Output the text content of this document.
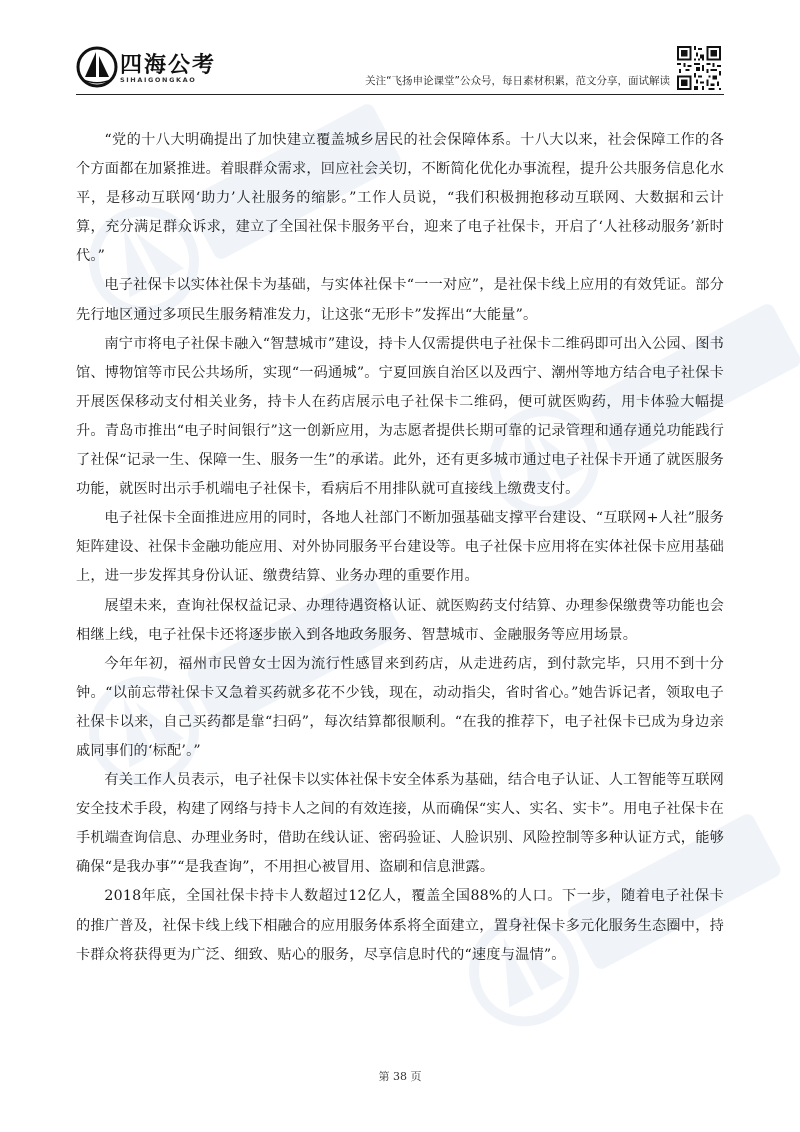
四海公考
SIHAIGONGKAO	关注“飞扬申论课堂”公众号，每日素材积累，范文分享，面试解读

“党的十八大明确提出了加快建立覆盖城乡居民的社会保障体系。十八大以来，社会保障工作的各个方面都在加紧推进。着眼群众需求，回应社会关切，不断简化优化办事流程，提升公共服务信息化水平，是移动互联网‘助力’人社服务的缩影。”工作人员说，“我们积极拥抱移动互联网、大数据和云计算，充分满足群众诉求，建立了全国社保卡服务平台，迎来了电子社保卡，开启了‘人社移动服务’新时代。”

电子社保卡以实体社保卡为基础，与实体社保卡“一一对应”，是社保卡线上应用的有效凭证。部分先行地区通过多项民生服务精准发力，让这张“无形卡”发挥出“大能量”。

南宁市将电子社保卡融入“智慧城市”建设，持卡人仅需提供电子社保卡二维码即可出入公园、图书馆、博物馆等市民公共场所，实现“一码通城”。宁夏回族自治区以及西宁、潮州等地方结合电子社保卡开展医保移动支付相关业务，持卡人在药店展示电子社保卡二维码，便可就医购药，用卡体验大幅提升。青岛市推出“电子时间银行”这一创新应用，为志愿者提供长期可靠的记录管理和通存通兑功能践行了社保“记录一生、保障一生、服务一生”的承诺。此外，还有更多城市通过电子社保卡开通了就医服务功能，就医时出示手机端电子社保卡，看病后不用排队就可直接线上缴费支付。

电子社保卡全面推进应用的同时，各地人社部门不断加强基础支撑平台建设、“互联网+人社”服务矩阵建设、社保卡金融功能应用、对外协同服务平台建设等。电子社保卡应用将在实体社保卡应用基础上，进一步发挥其身份认证、缴费结算、业务办理的重要作用。

展望未来，查询社保权益记录、办理待遇资格认证、就医购药支付结算、办理参保缴费等功能也会相继上线，电子社保卡还将逐步嵌入到各地政务服务、智慧城市、金融服务等应用场景。

今年年初，福州市民曾女士因为流行性感冒来到药店，从走进药店，到付款完毕，只用不到十分钟。“以前忘带社保卡又急着买药就多花不少钱，现在，动动指尖，省时省心。”她告诉记者，领取电子社保卡以来，自己买药都是靠“扫码”，每次结算都很顺利。“在我的推荐下，电子社保卡已成为身边亲戚同事们的‘标配’。”

有关工作人员表示，电子社保卡以实体社保卡安全体系为基础，结合电子认证、人工智能等互联网安全技术手段，构建了网络与持卡人之间的有效连接，从而确保“实人、实名、实卡”。用电子社保卡在手机端查询信息、办理业务时，借助在线认证、密码验证、人脸识别、风险控制等多种认证方式，能够确保“是我办事”“是我查询”，不用担心被冒用、盗刷和信息泄露。

2018年底，全国社保卡持卡人数超过12亿人，覆盖全国88%的人口。下一步，随着电子社保卡的推广普及，社保卡线上线下相融合的应用服务体系将全面建立，置身社保卡多元化服务生态圈中，持卡群众将获得更为广泛、细致、贴心的服务，尽享信息时代的“速度与温情”。

第 38 页
